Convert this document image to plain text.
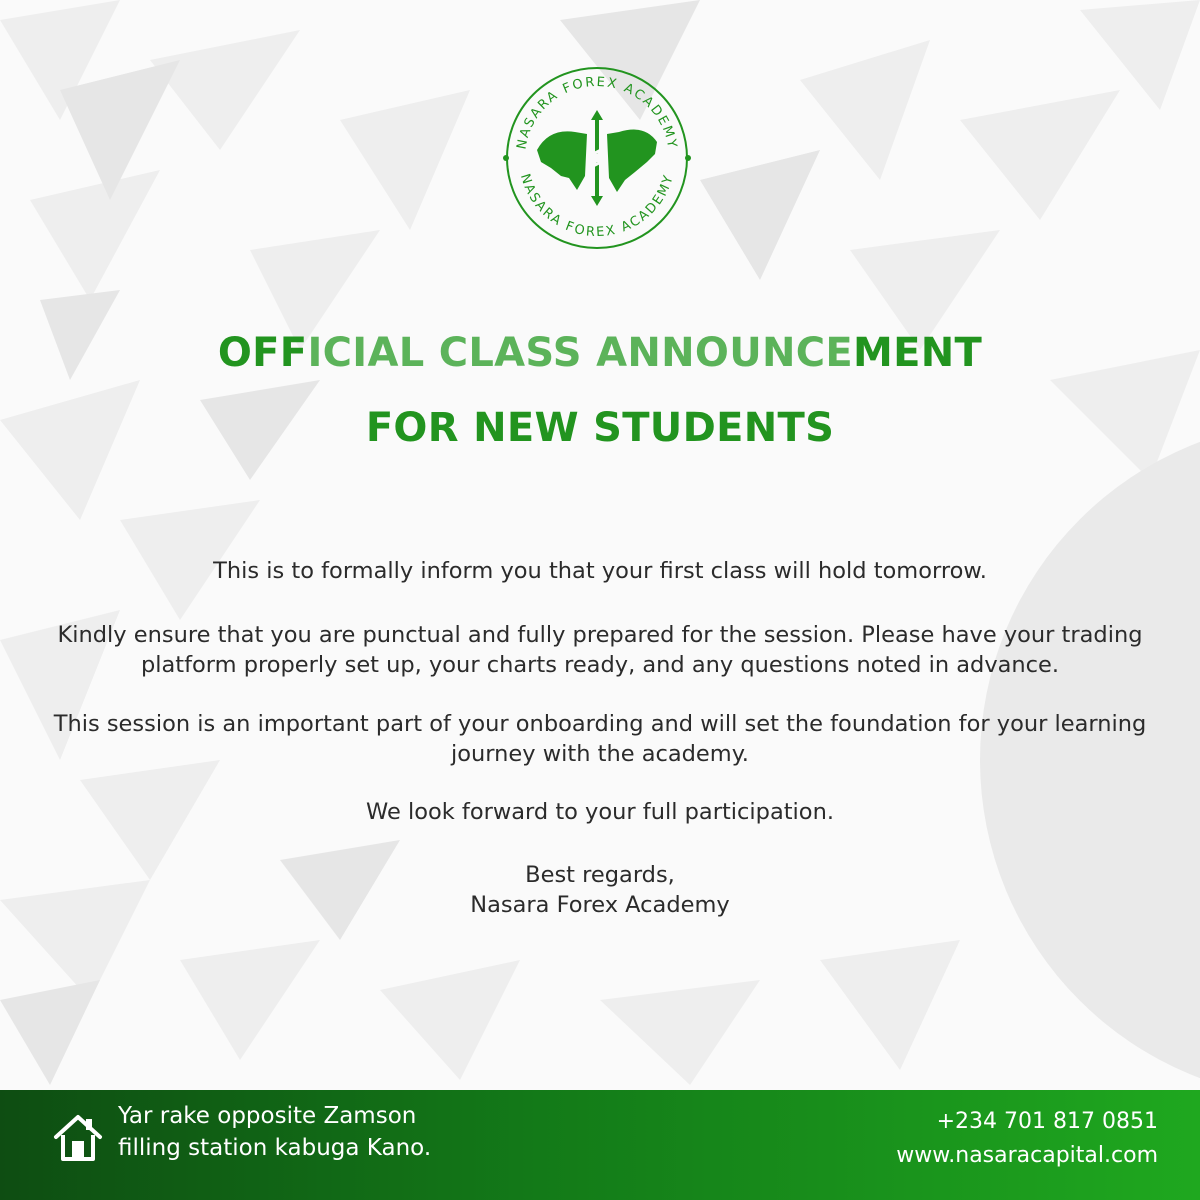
NASARA FOREX ACADEMY
NASARA FOREX ACADEMY
OFFICIAL CLASS ANNOUNCEMENT
FOR NEW STUDENTS
This is to formally inform you that your first class will hold tomorrow.
Kindly ensure that you are punctual and fully prepared for the session. Please have your trading platform properly set up, your charts ready, and any questions noted in advance.
This session is an important part of your onboarding and will set the foundation for your learning journey with the academy.
We look forward to your full participation.
Best regards,
Nasara Forex Academy
Yar rake opposite Zamson
filling station kabuga Kano.
+234 701 817 0851
www.nasaracapital.com
